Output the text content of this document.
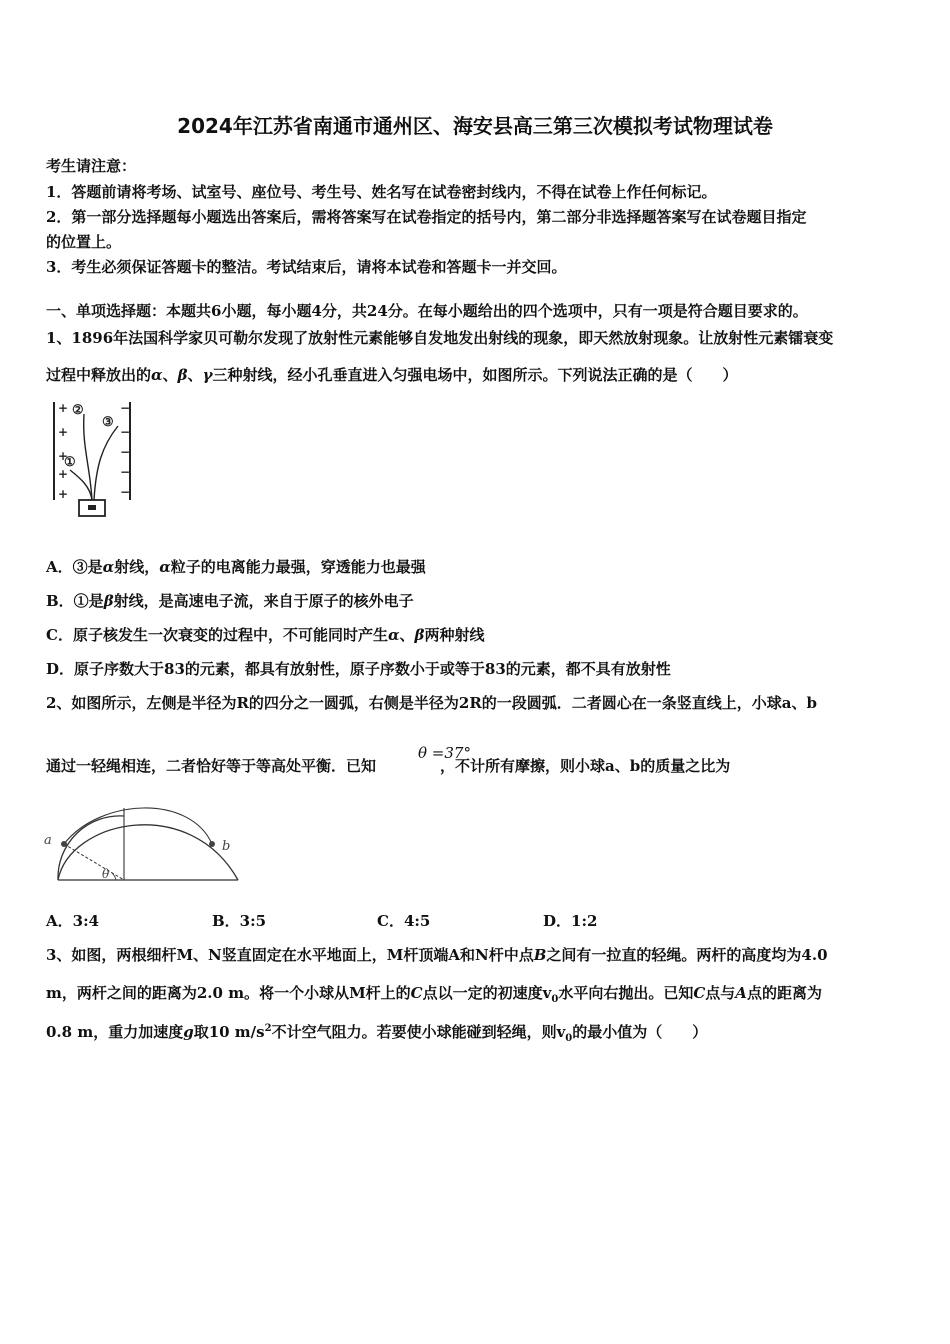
2024年江苏省南通市通州区、海安县高三第三次模拟考试物理试卷
考生请注意：
1．答题前请将考场、试室号、座位号、考生号、姓名写在试卷密封线内，不得在试卷上作任何标记。
2．第一部分选择题每小题选出答案后，需将答案写在试卷指定的括号内，第二部分非选择题答案写在试卷题目指定
的位置上。
3．考生必须保证答题卡的整洁。考试结束后，请将本试卷和答题卡一并交回。
一、单项选择题：本题共6小题，每小题4分，共24分。在每小题给出的四个选项中，只有一项是符合题目要求的。
1、1896年法国科学家贝可勒尔发现了放射性元素能够自发地发出射线的现象，即天然放射现象。让放射性元素镭衰变
过程中释放出的α、β、γ三种射线，经小孔垂直进入匀强电场中，如图所示。下列说法正确的是（　　）
+
+
+
+
+
−
−
−
−
−
②
③
①
A．③是α射线，α粒子的电离能力最强，穿透能力也最强
B．①是β射线，是高速电子流，来自于原子的核外电子
C．原子核发生一次衰变的过程中，不可能同时产生α、β两种射线
D．原子序数大于83的元素，都具有放射性，原子序数小于或等于83的元素，都不具有放射性
2、如图所示，左侧是半径为R的四分之一圆弧，右侧是半径为2R的一段圆弧．二者圆心在一条竖直线上，小球a、b
θ =37°
通过一轻绳相连，二者恰好等于等高处平衡．已知	，不计所有摩擦，则小球a、b的质量之比为
a	b
θ
A．3:4	B．3:5	C．4:5	D．1:2
3、如图，两根细杆M、N竖直固定在水平地面上，M杆顶端A和N杆中点B之间有一拉直的轻绳。两杆的高度均为4.0
m，两杆之间的距离为2.0 m。将一个小球从M杆上的C点以一定的初速度$v_0$水平向右抛出。已知C点与A点的距离为
0.8 m，重力加速度g取10 $m/s^2$不计空气阻力。若要使小球能碰到轻绳，则$v_0$的最小值为（　　）
